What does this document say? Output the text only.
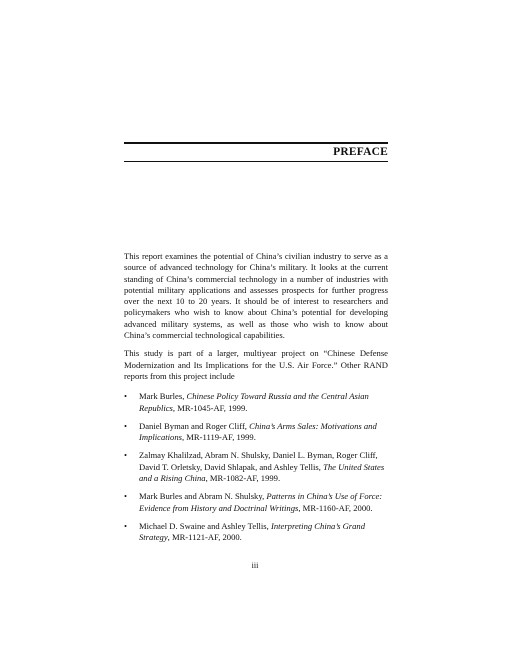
PREFACE

This report examines the potential of China’s civilian industry to serve as a source of advanced technology for China’s military. It looks at the current standing of China’s commercial technology in a number of industries with potential military applications and assesses prospects for further progress over the next 10 to 20 years. It should be of interest to researchers and policymakers who wish to know about China’s potential for developing advanced military systems, as well as those who wish to know about China’s commercial technological capabilities.

This study is part of a larger, multiyear project on “Chinese Defense Modernization and Its Implications for the U.S. Air Force.” Other RAND reports from this project include

• Mark Burles, Chinese Policy Toward Russia and the Central Asian Republics, MR-1045-AF, 1999.
• Daniel Byman and Roger Cliff, China’s Arms Sales: Motivations and Implications, MR-1119-AF, 1999.
• Zalmay Khalilzad, Abram N. Shulsky, Daniel L. Byman, Roger Cliff, David T. Orletsky, David Shlapak, and Ashley Tellis, The United States and a Rising China, MR-1082-AF, 1999.
• Mark Burles and Abram N. Shulsky, Patterns in China’s Use of Force: Evidence from History and Doctrinal Writings, MR-1160-AF, 2000.
• Michael D. Swaine and Ashley Tellis, Interpreting China’s Grand Strategy, MR-1121-AF, 2000.
iii
